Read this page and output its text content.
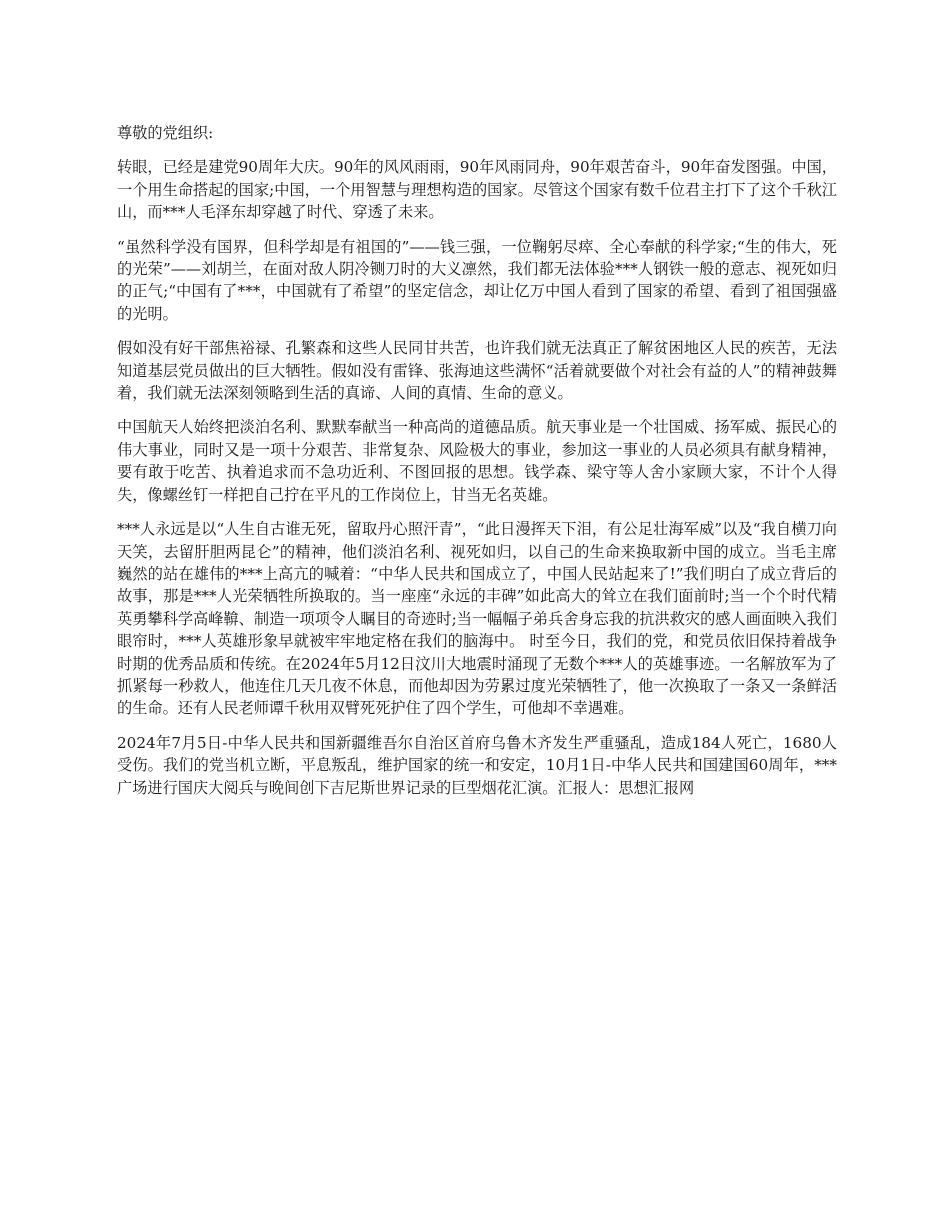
尊敬的党组织:

转眼，已经是建党90周年大庆。90年的风风雨雨，90年风雨同舟，90年艰苦奋斗，90年奋发图强。中国，一个用生命搭起的国家;中国，一个用智慧与理想构造的国家。尽管这个国家有数千位君主打下了这个千秋江山，而***人毛泽东却穿越了时代、穿透了未来。

“虽然科学没有国界，但科学却是有祖国的”——钱三强，一位鞠躬尽瘁、全心奉献的科学家;“生的伟大，死的光荣”——刘胡兰，在面对敌人阴冷铡刀时的大义凛然，我们都无法体验***人钢铁一般的意志、视死如归的正气;“中国有了***，中国就有了希望”的坚定信念，却让亿万中国人看到了国家的希望、看到了祖国强盛的光明。

假如没有好干部焦裕禄、孔繁森和这些人民同甘共苦，也许我们就无法真正了解贫困地区人民的疾苦，无法知道基层党员做出的巨大牺牲。假如没有雷锋、张海迪这些满怀“活着就要做个对社会有益的人”的精神鼓舞着，我们就无法深刻领略到生活的真谛、人间的真情、生命的意义。

中国航天人始终把淡泊名利、默默奉献当一种高尚的道德品质。航天事业是一个壮国威、扬军威、振民心的伟大事业，同时又是一项十分艰苦、非常复杂、风险极大的事业，参加这一事业的人员必须具有献身精神，要有敢于吃苦、执着追求而不急功近利、不图回报的思想。钱学森、梁守等人舍小家顾大家，不计个人得失，像螺丝钉一样把自己拧在平凡的工作岗位上，甘当无名英雄。

***人永远是以“人生自古谁无死，留取丹心照汗青”，“此日漫挥天下泪，有公足壮海军威”以及“我自横刀向天笑，去留肝胆两昆仑”的精神，他们淡泊名利、视死如归，以自己的生命来换取新中国的成立。当毛主席巍然的站在雄伟的***上高亢的喊着：“中华人民共和国成立了，中国人民站起来了!”我们明白了成立背后的故事，那是***人光荣牺牲所换取的。当一座座“永远的丰碑”如此高大的耸立在我们面前时;当一个个时代精英勇攀科学高峰鞥、制造一项项令人瞩目的奇迹时;当一幅幅子弟兵舍身忘我的抗洪救灾的感人画面映入我们眼帘时，***人英雄形象早就被牢牢地定格在我们的脑海中。 时至今日，我们的党，和党员依旧保持着战争时期的优秀品质和传统。在2024年5月12日汶川大地震时涌现了无数个***人的英雄事迹。一名解放军为了抓紧每一秒救人，他连住几天几夜不休息，而他却因为劳累过度光荣牺牲了，他一次换取了一条又一条鲜活的生命。还有人民老师谭千秋用双臂死死护住了四个学生，可他却不幸遇难。

2024年7月5日-中华人民共和国新疆维吾尔自治区首府乌鲁木齐发生严重骚乱，造成184人死亡，1680人受伤。我们的党当机立断，平息叛乱，维护国家的统一和安定，10月1日-中华人民共和国建国60周年，***广场进行国庆大阅兵与晚间创下吉尼斯世界记录的巨型烟花汇演。汇报人：思想汇报网
